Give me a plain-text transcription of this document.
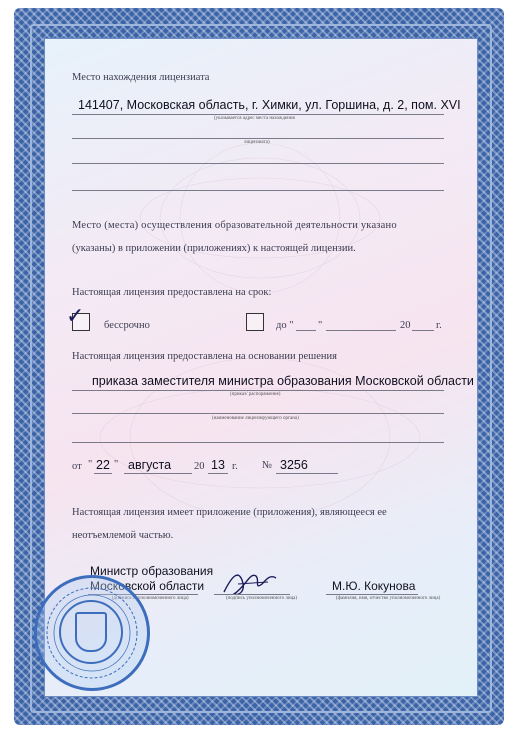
Место нахождения лицензиата
141407, Московская область, г. Химки, ул. Горшина, д. 2, пом. XVI
(указывается адрес места нахождения
лицензиата)
Место (места) осуществления образовательной деятельности указано
(указаны) в приложении (приложениях) к настоящей лицензии.
Настоящая лицензия предоставлена на срок:
✓ бессрочно	до " "	20 г.
Настоящая лицензия предоставлена на основании решения
приказа заместителя министра образования Московской области
(приказ/ распоряжение)
(наименование лицензирующего органа)
от " 22 " августа 20 13 г. № 3256
Настоящая лицензия имеет приложение (приложения), являющееся ее
неотъемлемой частью.
Министр образования
Московской области
(должность уполномоченного лица)	(подпись уполномоченного лица)
М.Ю. Кокунова
(фамилия, имя, отчество уполномоченного лица)
